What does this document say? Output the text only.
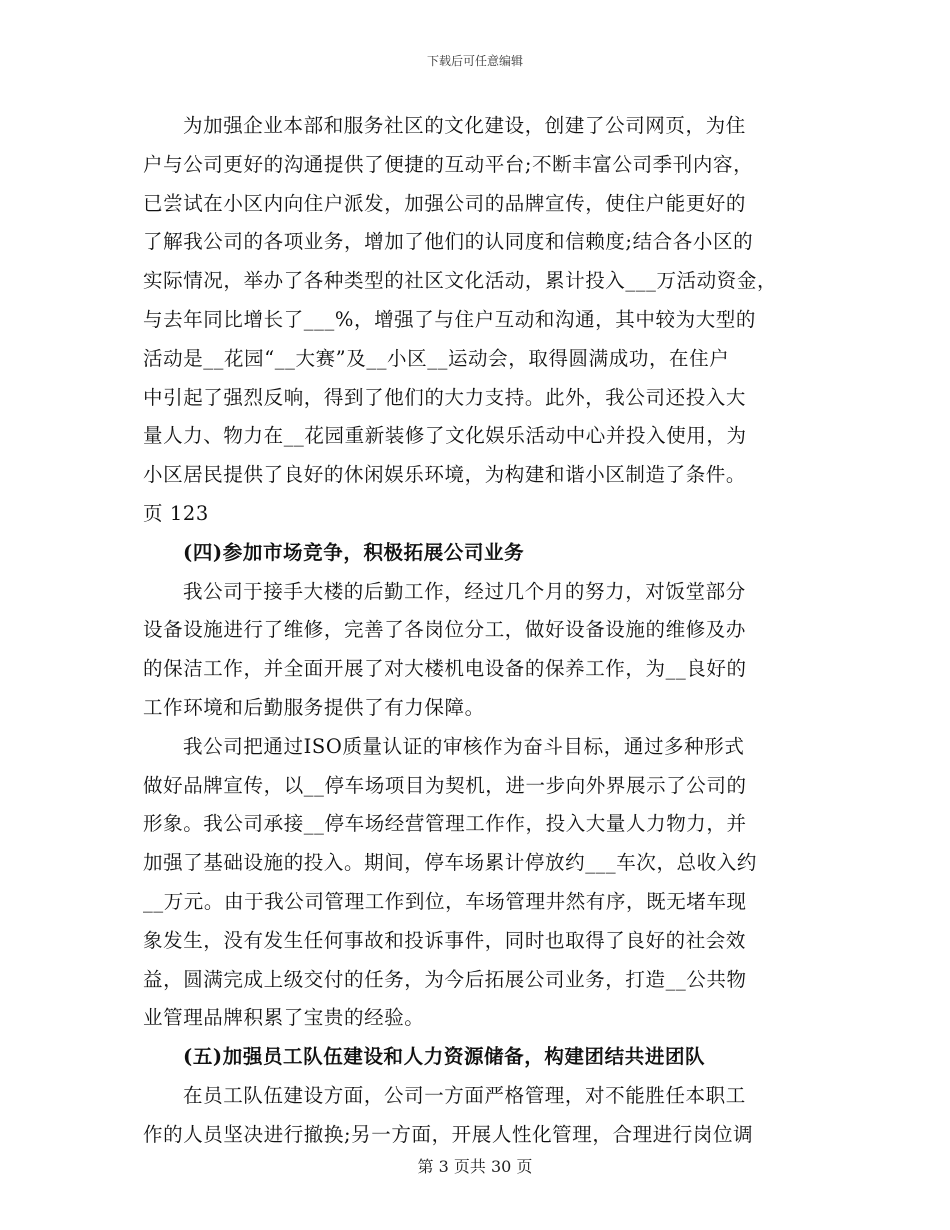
下载后可任意编辑
为加强企业本部和服务社区的文化建设，创建了公司网页，为住
户与公司更好的沟通提供了便捷的互动平台;不断丰富公司季刊内容，
已尝试在小区内向住户派发，加强公司的品牌宣传，使住户能更好的
了解我公司的各项业务，增加了他们的认同度和信赖度;结合各小区的
实际情况，举办了各种类型的社区文化活动，累计投入___万活动资金，
与去年同比增长了___%，增强了与住户互动和沟通，其中较为大型的
活动是__花园“__大赛”及__小区__运动会，取得圆满成功，在住户
中引起了强烈反响，得到了他们的大力支持。此外，我公司还投入大
量人力、物力在__花园重新装修了文化娱乐活动中心并投入使用，为
小区居民提供了良好的休闲娱乐环境，为构建和谐小区制造了条件。
页 123
(四)参加市场竞争，积极拓展公司业务
我公司于接手大楼的后勤工作，经过几个月的努力，对饭堂部分
设备设施进行了维修，完善了各岗位分工，做好设备设施的维修及办
的保洁工作，并全面开展了对大楼机电设备的保养工作，为__良好的
工作环境和后勤服务提供了有力保障。
我公司把通过ISO质量认证的审核作为奋斗目标，通过多种形式
做好品牌宣传，以__停车场项目为契机，进一步向外界展示了公司的
形象。我公司承接__停车场经营管理工作作，投入大量人力物力，并
加强了基础设施的投入。期间，停车场累计停放约___车次，总收入约
__万元。由于我公司管理工作到位，车场管理井然有序，既无堵车现
象发生，没有发生任何事故和投诉事件，同时也取得了良好的社会效
益，圆满完成上级交付的任务，为今后拓展公司业务，打造__公共物
业管理品牌积累了宝贵的经验。
(五)加强员工队伍建设和人力资源储备，构建团结共进团队
在员工队伍建设方面，公司一方面严格管理，对不能胜任本职工
作的人员坚决进行撤换;另一方面，开展人性化管理，合理进行岗位调
第 3 页共 30 页
